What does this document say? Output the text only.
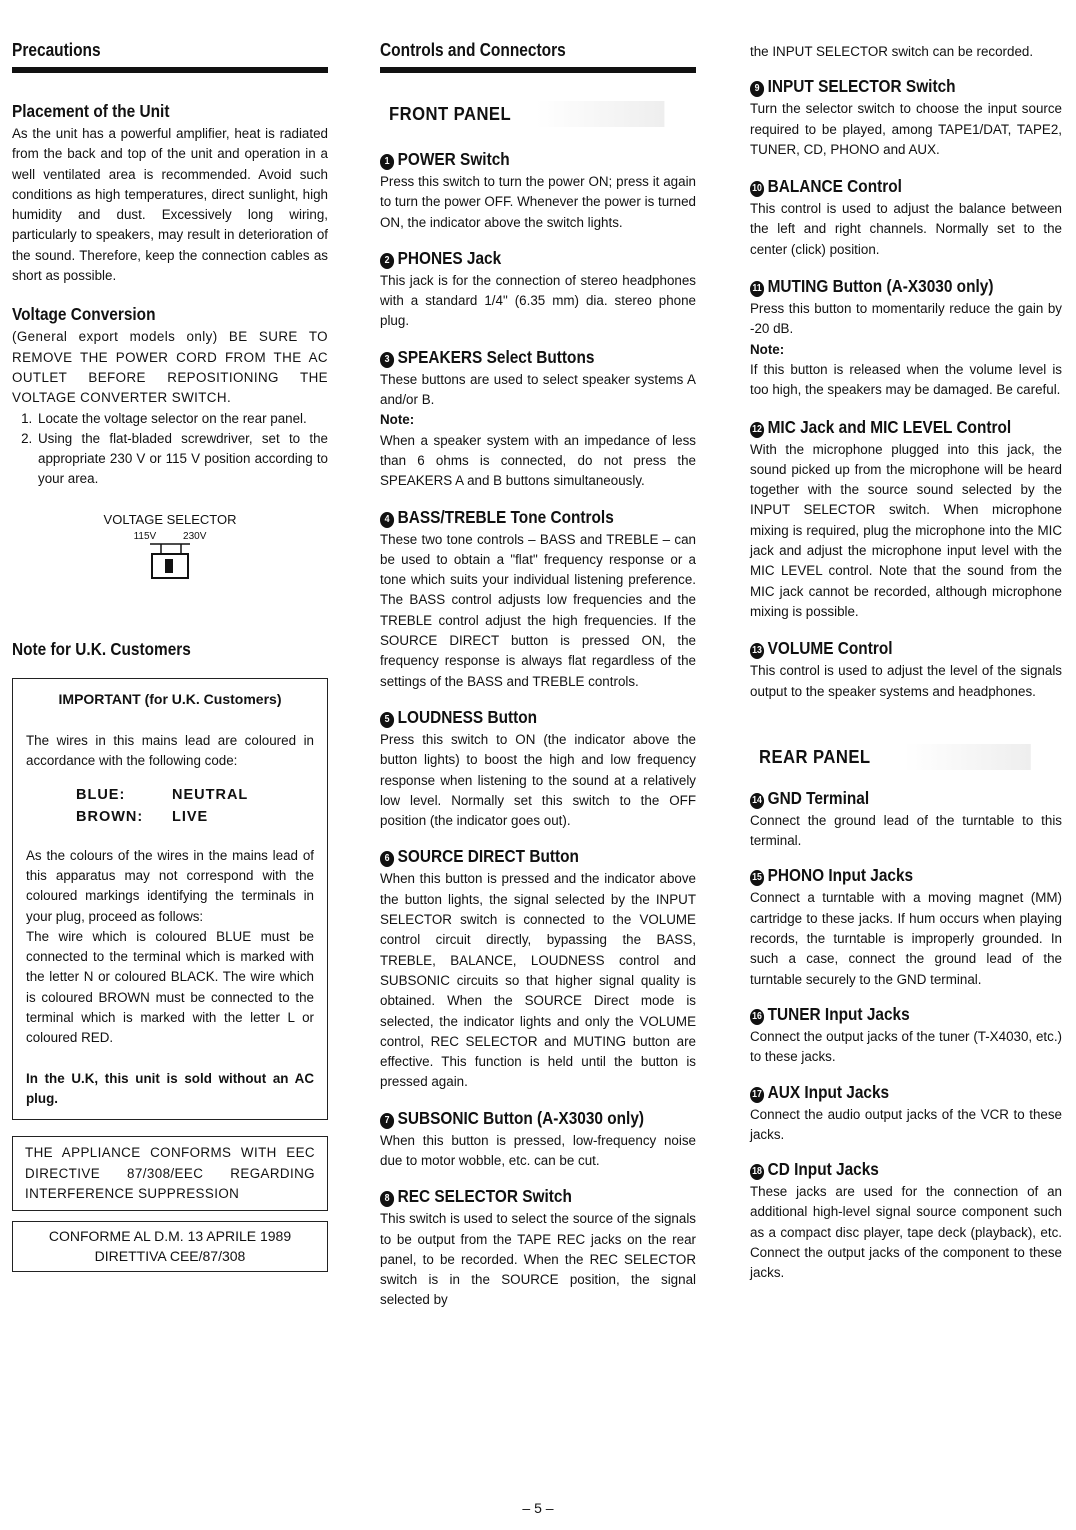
Precautions
Placement of the Unit

As the unit has a powerful amplifier, heat is radiated from the back and top of the unit and operation in a well ventilated area is recommended. Avoid such conditions as high temperatures, direct sunlight, high humidity and dust. Excessively long wiring, particularly to speakers, may result in deterioration of the sound. Therefore, keep the connection cables as short as possible.

Voltage Conversion

(General export models only) BE SURE TO REMOVE THE POWER CORD FROM THE AC OUTLET BEFORE REPOSITIONING THE VOLTAGE CONVERTER SWITCH.

1. Locate the voltage selector on the rear panel.
2. Using the flat-bladed screwdriver, set to the appropriate 230 V or 115 V position according to your area.
VOLTAGE SELECTOR
115V	230V
Note for U.K. Customers
IMPORTANT (for U.K. Customers)

The wires in this mains lead are coloured in accordance with the following code:

BLUE:	NEUTRAL
BROWN: LIVE

As the colours of the wires in the mains lead of this apparatus may not correspond with the coloured markings identifying the terminals in your plug, proceed as follows:

The wire which is coloured BLUE must be connected to the terminal which is marked with the letter N or coloured BLACK. The wire which is coloured BROWN must be connected to the terminal which is marked with the letter L or coloured RED.

In the U.K, this unit is sold without an AC plug.

THE APPLIANCE CONFORMS WITH EEC DIRECTIVE 87/308/EEC REGARDING INTERFERENCE SUPPRESSION

CONFORME AL D.M. 13 APRILE 1989
DIRETTIVA CEE/87/308
Controls and Connectors
FRONT PANEL
1 POWER Switch

Press this switch to turn the power ON; press it again to turn the power OFF. Whenever the power is turned ON, the indicator above the switch lights.

2 PHONES Jack

This jack is for the connection of stereo headphones with a standard 1/4" (6.35 mm) dia. stereo phone plug.

3 SPEAKERS Select Buttons

These buttons are used to select speaker systems A and/or B.

Note:

When a speaker system with an impedance of less than 6 ohms is connected, do not press the SPEAKERS A and B buttons simultaneously.

4 BASS/TREBLE Tone Controls

These two tone controls – BASS and TREBLE – can be used to obtain a "flat" frequency response or a tone which suits your individual listening preference. The BASS control adjusts low frequencies and the TREBLE control adjust the high frequencies. If the SOURCE DIRECT button is pressed ON, the frequency response is always flat regardless of the settings of the BASS and TREBLE controls.

5 LOUDNESS Button

Press this switch to ON (the indicator above the button lights) to boost the high and low frequency response when listening to the sound at a relatively low level. Normally set this switch to the OFF position (the indicator goes out).

6 SOURCE DIRECT Button

When this button is pressed and the indicator above the button lights, the signal selected by the INPUT SELECTOR switch is connected to the VOLUME control circuit directly, bypassing the BASS, TREBLE, BALANCE, LOUDNESS control and SUBSONIC circuits so that higher signal quality is obtained. When the SOURCE Direct mode is selected, the indicator lights and only the VOLUME control, REC SELECTOR and MUTING button are effective. This function is held until the button is pressed again.

7 SUBSONIC Button (A-X3030 only)

When this button is pressed, low-frequency noise due to motor wobble, etc. can be cut.

8 REC SELECTOR Switch

This switch is used to select the source of the signals to be output from the TAPE REC jacks on the rear panel, to be recorded. When the REC SELECTOR switch is in the SOURCE position, the signal selected by

the INPUT SELECTOR switch can be recorded.

9 INPUT SELECTOR Switch

Turn the selector switch to choose the input source required to be played, among TAPE1/DAT, TAPE2, TUNER, CD, PHONO and AUX.

10 BALANCE Control

This control is used to adjust the balance between the left and right channels. Normally set to the center (click) position.

11 MUTING Button (A-X3030 only)

Press this button to momentarily reduce the gain by -20 dB.

Note:

If this button is released when the volume level is too high, the speakers may be damaged. Be careful.

12 MIC Jack and MIC LEVEL Control

With the microphone plugged into this jack, the sound picked up from the microphone will be heard together with the source sound selected by the INPUT SELECTOR switch. When microphone mixing is required, plug the microphone into the MIC jack and adjust the microphone input level with the MIC LEVEL control. Note that the sound from the MIC jack cannot be recorded, although microphone mixing is possible.

13 VOLUME Control

This control is used to adjust the level of the signals output to the speaker systems and headphones.

REAR PANEL
14 GND Terminal

Connect the ground lead of the turntable to this terminal.

15 PHONO Input Jacks

Connect a turntable with a moving magnet (MM) cartridge to these jacks. If hum occurs when playing records, the turntable is improperly grounded. In such a case, connect the ground lead of the turntable securely to the GND terminal.

16 TUNER Input Jacks

Connect the output jacks of the tuner (T-X4030, etc.) to these jacks.

17 AUX Input Jacks

Connect the audio output jacks of the VCR to these jacks.

18 CD Input Jacks

These jacks are used for the connection of an additional high-level signal source component such as a compact disc player, tape deck (playback), etc. Connect the output jacks of the component to these jacks.

– 5 –
